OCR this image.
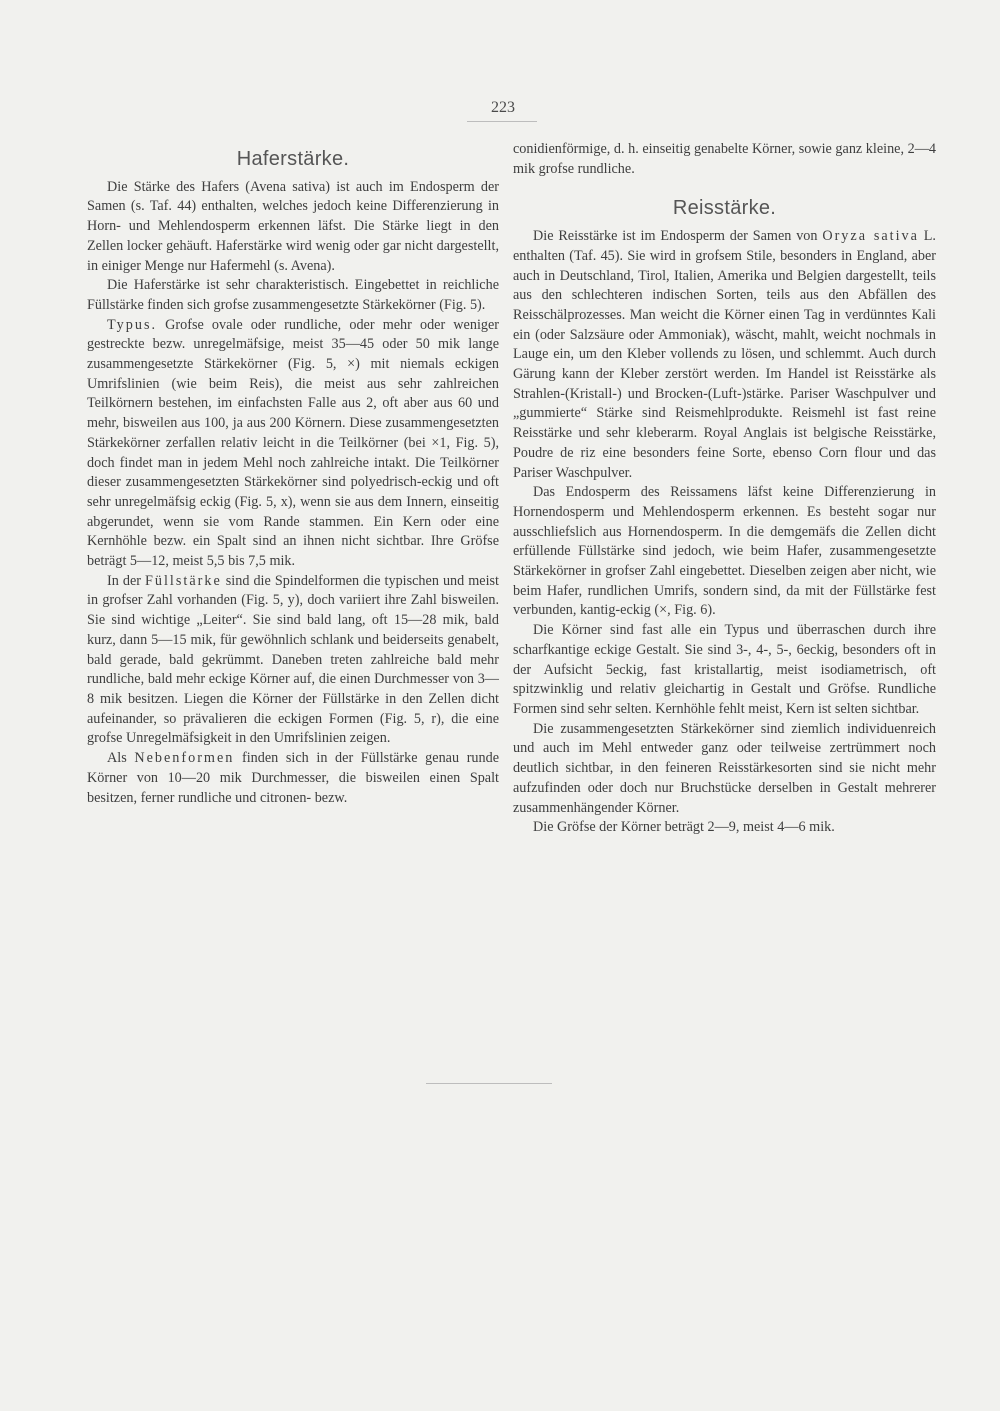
223
Haferstärke.

Die Stärke des Hafers (Avena sativa) ist auch im Endosperm der Samen (s. Taf. 44) enthalten, welches jedoch keine Differenzierung in Horn- und Mehlendosperm erkennen läfst. Die Stärke liegt in den Zellen locker gehäuft. Haferstärke wird wenig oder gar nicht dargestellt, in einiger Menge nur Hafermehl (s. Avena).

Die Haferstärke ist sehr charakteristisch. Eingebettet in reichliche Füllstärke finden sich grofse zusammengesetzte Stärkekörner (Fig. 5).

Typus. Grofse ovale oder rundliche, oder mehr oder weniger gestreckte bezw. unregelmäfsige, meist 35—45 oder 50 mik lange zusammengesetzte Stärkekörner (Fig. 5, ×) mit niemals eckigen Umrifslinien (wie beim Reis), die meist aus sehr zahlreichen Teilkörnern bestehen, im einfachsten Falle aus 2, oft aber aus 60 und mehr, bisweilen aus 100, ja aus 200 Körnern. Diese zusammengesetzten Stärkekörner zerfallen relativ leicht in die Teilkörner (bei ×1, Fig. 5), doch findet man in jedem Mehl noch zahlreiche intakt. Die Teilkörner dieser zusammengesetzten Stärkekörner sind polyedrisch-eckig und oft sehr unregelmäfsig eckig (Fig. 5, x), wenn sie aus dem Innern, einseitig abgerundet, wenn sie vom Rande stammen. Ein Kern oder eine Kernhöhle bezw. ein Spalt sind an ihnen nicht sichtbar. Ihre Gröfse beträgt 5—12, meist 5,5 bis 7,5 mik.

In der Füllstärke sind die Spindelformen die typischen und meist in grofser Zahl vorhanden (Fig. 5, y), doch variiert ihre Zahl bisweilen. Sie sind wichtige „Leiter“. Sie sind bald lang, oft 15—28 mik, bald kurz, dann 5—15 mik, für gewöhnlich schlank und beiderseits genabelt, bald gerade, bald gekrümmt. Daneben treten zahlreiche bald mehr rundliche, bald mehr eckige Körner auf, die einen Durchmesser von 3—8 mik besitzen. Liegen die Körner der Füllstärke in den Zellen dicht aufeinander, so prävalieren die eckigen Formen (Fig. 5, r), die eine grofse Unregelmäfsigkeit in den Umrifslinien zeigen.

Als Nebenformen finden sich in der Füllstärke genau runde Körner von 10—20 mik Durchmesser, die bisweilen einen Spalt besitzen, ferner rundliche und citronen- bezw.

conidienförmige, d. h. einseitig genabelte Körner, sowie ganz kleine, 2—4 mik grofse rundliche.

Reisstärke.

Die Reisstärke ist im Endosperm der Samen von Oryza sativa L. enthalten (Taf. 45). Sie wird in grofsem Stile, besonders in England, aber auch in Deutschland, Tirol, Italien, Amerika und Belgien dargestellt, teils aus den schlechteren indischen Sorten, teils aus den Abfällen des Reisschälprozesses. Man weicht die Körner einen Tag in verdünntes Kali ein (oder Salzsäure oder Ammoniak), wäscht, mahlt, weicht nochmals in Lauge ein, um den Kleber vollends zu lösen, und schlemmt. Auch durch Gärung kann der Kleber zerstört werden. Im Handel ist Reisstärke als Strahlen-(Kristall-) und Brocken-(Luft-)stärke. Pariser Waschpulver und „gummierte“ Stärke sind Reismehlprodukte. Reismehl ist fast reine Reisstärke und sehr kleberarm. Royal Anglais ist belgische Reisstärke, Poudre de riz eine besonders feine Sorte, ebenso Corn flour und das Pariser Waschpulver.

Das Endosperm des Reissamens läfst keine Differenzierung in Hornendosperm und Mehlendosperm erkennen. Es besteht sogar nur ausschliefslich aus Hornendosperm. In die demgemäfs die Zellen dicht erfüllende Füllstärke sind jedoch, wie beim Hafer, zusammengesetzte Stärkekörner in grofser Zahl eingebettet. Dieselben zeigen aber nicht, wie beim Hafer, rundlichen Umrifs, sondern sind, da mit der Füllstärke fest verbunden, kantig-eckig (×, Fig. 6).

Die Körner sind fast alle ein Typus und überraschen durch ihre scharfkantige eckige Gestalt. Sie sind 3-, 4-, 5-, 6eckig, besonders oft in der Aufsicht 5eckig, fast kristallartig, meist isodiametrisch, oft spitzwinklig und relativ gleichartig in Gestalt und Gröfse. Rundliche Formen sind sehr selten. Kernhöhle fehlt meist, Kern ist selten sichtbar.

Die zusammengesetzten Stärkekörner sind ziemlich individuenreich und auch im Mehl entweder ganz oder teilweise zertrümmert noch deutlich sichtbar, in den feineren Reisstärkesorten sind sie nicht mehr aufzufinden oder doch nur Bruchstücke derselben in Gestalt mehrerer zusammenhängender Körner.

Die Gröfse der Körner beträgt 2—9, meist 4—6 mik.
